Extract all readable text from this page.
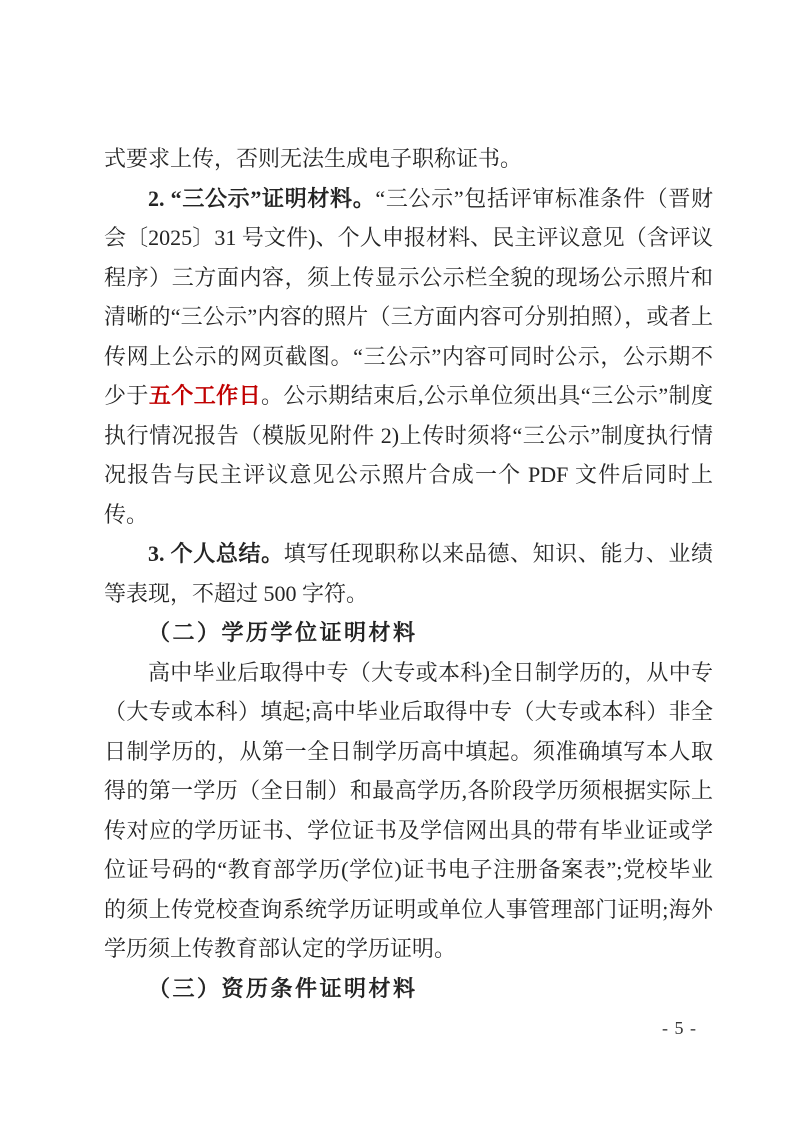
式要求上传，否则无法生成电子职称证书。

2. “三公示”证明材料。“三公示”包括评审标准条件（晋财会〔2025〕31 号文件)、个人申报材料、民主评议意见（含评议程序）三方面内容，须上传显示公示栏全貌的现场公示照片和清晰的“三公示”内容的照片（三方面内容可分别拍照），或者上传网上公示的网页截图。“三公示”内容可同时公示，公示期不少于五个工作日。公示期结束后,公示单位须出具“三公示”制度执行情况报告（模版见附件 2)上传时须将“三公示”制度执行情况报告与民主评议意见公示照片合成一个 PDF 文件后同时上传。

3. 个人总结。填写任现职称以来品德、知识、能力、业绩等表现，不超过 500 字符。

（二）学历学位证明材料

高中毕业后取得中专（大专或本科)全日制学历的，从中专（大专或本科）填起;高中毕业后取得中专（大专或本科）非全日制学历的，从第一全日制学历高中填起。须准确填写本人取得的第一学历（全日制）和最高学历,各阶段学历须根据实际上传对应的学历证书、学位证书及学信网出具的带有毕业证或学位证号码的“教育部学历(学位)证书电子注册备案表”;党校毕业的须上传党校查询系统学历证明或单位人事管理部门证明;海外学历须上传教育部认定的学历证明。

（三）资历条件证明材料

- 5 -
